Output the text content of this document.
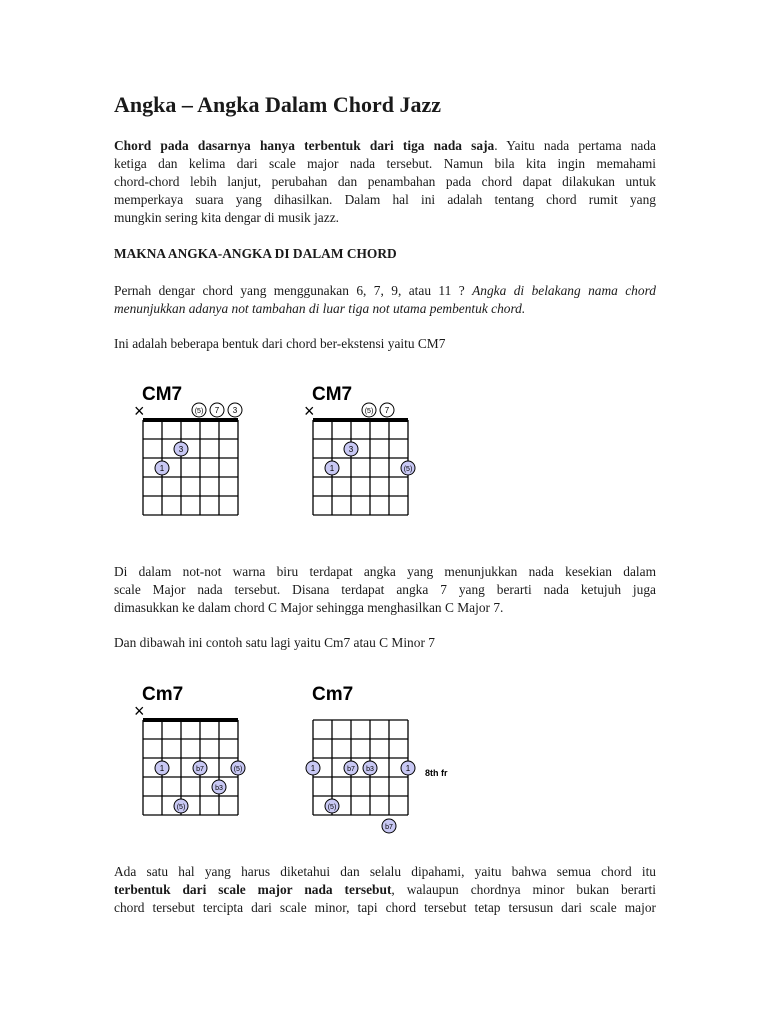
Angka – Angka Dalam Chord Jazz
Chord pada dasarnya hanya terbentuk dari tiga nada saja. Yaitu nada pertama nada
ketiga dan kelima dari scale major nada tersebut. Namun bila kita ingin memahami
chord-chord lebih lanjut, perubahan dan penambahan pada chord dapat dilakukan untuk
memperkaya suara yang dihasilkan. Dalam hal ini adalah tentang chord rumit yang
mungkin sering kita dengar di musik jazz.
MAKNA ANGKA-ANGKA DI DALAM CHORD
Pernah dengar chord yang menggunakan 6, 7, 9, atau 11 ? Angka di belakang nama chord
menunjukkan adanya not tambahan di luar tiga not utama pembentuk chord.
Ini adalah beberapa bentuk dari chord ber-ekstensi yaitu CM7
Di dalam not-not warna biru terdapat angka yang menunjukkan nada kesekian dalam
scale Major nada tersebut. Disana terdapat angka 7 yang berarti nada ketujuh juga
dimasukkan ke dalam chord C Major sehingga menghasilkan C Major 7.
Dan dibawah ini contoh satu lagi yaitu Cm7 atau C Minor 7
Ada satu hal yang harus diketahui dan selalu dipahami, yaitu bahwa semua chord itu
terbentuk dari scale major nada tersebut, walaupun chordnya minor bukan berarti
chord tersebut tercipta dari scale minor, tapi chord tersebut tetap tersusun dari scale major
CM7
×	(5) 7 3
3
1
CM7
×	(5) 7
3
1	(5)
Cm7
×
1	b7	(5)
b3
(5)
Cm7
8th fr
1	b7 b3	1
(5)
b7
